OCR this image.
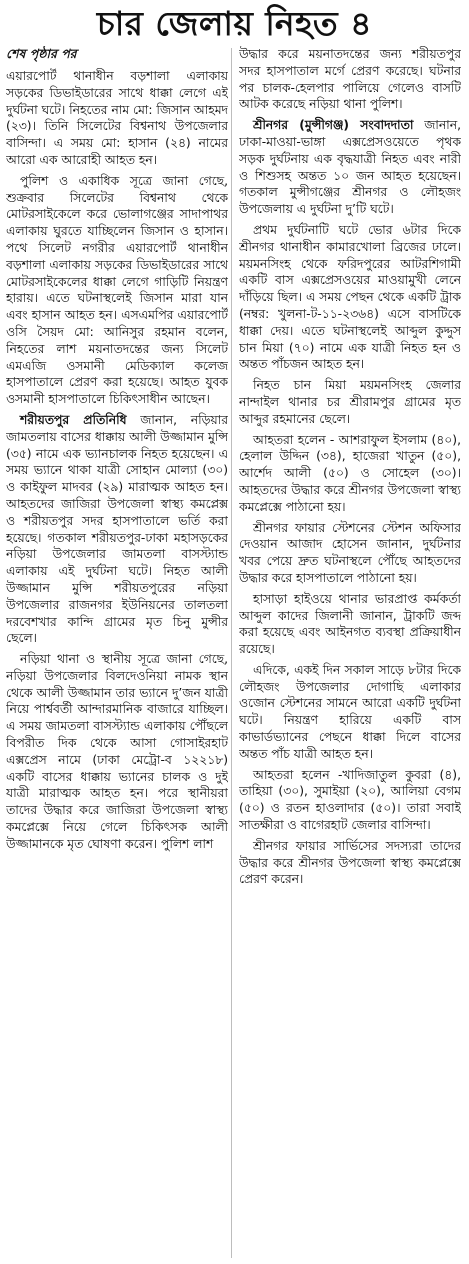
চার জেলায় নিহত ৪
শেষ পৃষ্ঠার পর

এয়ারপোর্ট থানাধীন বড়শালা এলাকায় সড়কের ডিভাইডারের সাথে ধাক্কা লেগে এই দুর্ঘটনা ঘটে। নিহতের নাম মো: জিসান আহমদ (২৩)। তিনি সিলেটের বিশ্বনাথ উপজেলার বাসিন্দা। এ সময় মো: হাসান (২৪) নামের আরো এক আরোহী আহত হন।

পুলিশ ও একাধিক সূত্রে জানা গেছে, শুক্রবার সিলেটের বিশ্বনাথ থেকে মোটরসাইকেলে করে ভোলাগঞ্জের সাদাপাথর এলাকায় ঘুরতে যাচ্ছিলেন জিসান ও হাসান। পথে সিলেট নগরীর এয়ারপোর্ট থানাধীন বড়শালা এলাকায় সড়কের ডিভাইডারের সাথে মোটরসাইকেলের ধাক্কা লেগে গাড়িটি নিয়ন্ত্রণ হারায়। এতে ঘটনাস্থলেই জিসান মারা যান এবং হাসান আহত হন। এসএমপির এয়ারপোর্ট ওসি সৈয়দ মো: আনিসুর রহমান বলেন, নিহতের লাশ ময়নাতদন্তের জন্য সিলেট এমএজি ওসমানী মেডিক্যাল কলেজ হাসপাতালে প্রেরণ করা হয়েছে। আহত যুবক ওসমানী হাসপাতালে চিকিৎসাধীন আছেন।

শরীয়তপুর প্রতিনিধি জানান, নড়িয়ার জামতলায় বাসের ধাক্কায় আলী উজ্জামান মুন্সি (৩৫) নামে এক ভ্যানচালক নিহত হয়েছেন। এ সময় ভ্যানে থাকা যাত্রী সোহান মোল্যা (৩০) ও কাইফুল মাদবর (২৯) মারাত্মক আহত হন। আহতদের জাজিরা উপজেলা স্বাস্থ্য কমপ্লেক্স ও শরীয়তপুর সদর হাসপাতালে ভর্তি করা হয়েছে। গতকাল শরীয়তপুর-ঢাকা মহাসড়কের নড়িয়া উপজেলার জামতলা বাসস্ট্যান্ড এলাকায় এই দুর্ঘটনা ঘটে। নিহত আলী উজ্জামান মুন্সি শরীয়তপুরের নড়িয়া উপজেলার রাজনগর ইউনিয়নের তালতলা দরবেশখার কান্দি গ্রামের মৃত চিনু মুন্সীর ছেলে।

নড়িয়া থানা ও স্থানীয় সূত্রে জানা গেছে, নড়িয়া উপজেলার বিলদেওনিয়া নামক স্থান থেকে আলী উজ্জামান তার ভ্যানে দু’জন যাত্রী নিয়ে পার্শ্ববর্তী আন্দারমানিক বাজারে যাচ্ছিল। এ সময় জামতলা বাসস্ট্যান্ড এলাকায় পৌঁছলে বিপরীত দিক থেকে আসা গোসাইরহাট এক্সপ্রেস নামে (ঢাকা মেট্রো-ব ১২২১৮) একটি বাসের ধাক্কায় ভ্যানের চালক ও দুই যাত্রী মারাত্মক আহত হন। পরে স্থানীয়রা তাদের উদ্ধার করে জাজিরা উপজেলা স্বাস্থ্য কমপ্লেক্সে নিয়ে গেলে চিকিৎসক আলী উজ্জামানকে মৃত ঘোষণা করেন। পুলিশ লাশ

উদ্ধার করে ময়নাতদন্তের জন্য শরীয়তপুর সদর হাসপাতাল মর্গে প্রেরণ করেছে। ঘটনার পর চালক-হেলপার পালিয়ে গেলেও বাসটি আটক করেছে নড়িয়া থানা পুলিশ।

শ্রীনগর (মুন্সীগঞ্জ) সংবাদদাতা জানান, ঢাকা-মাওয়া-ভাঙ্গা এক্সপ্রেসওয়েতে পৃথক সড়ক দুর্ঘটনায় এক বৃদ্ধযাত্রী নিহত এবং নারী ও শিশুসহ অন্তত ১০ জন আহত হয়েছেন। গতকাল মুন্সীগঞ্জের শ্রীনগর ও লৌহজং উপজেলায় এ দুর্ঘটনা দু’টি ঘটে।

প্রথম দুর্ঘটনাটি ঘটে ভোর ৬টার দিকে শ্রীনগর থানাধীন কামারখোলা ব্রিজের ঢালে। ময়মনসিংহ থেকে ফরিদপুরের আটরশিগামী একটি বাস এক্সপ্রেসওয়ের মাওয়ামুখী লেনে দাঁড়িয়ে ছিল। এ সময় পেছন থেকে একটি ট্রাক (নম্বর: খুলনা-ট-১১-২৩৬৪) এসে বাসটিকে ধাক্কা দেয়। এতে ঘটনাস্থলেই আব্দুল কুদ্দুস চান মিয়া (৭০) নামে এক যাত্রী নিহত হন ও অন্তত পাঁচজন আহত হন।

নিহত চান মিয়া ময়মনসিংহ জেলার নান্দাইল থানার চর শ্রীরামপুর গ্রামের মৃত আব্দুর রহমানের ছেলে।

আহতরা হলেন - আশরাফুল ইসলাম (৪০), হেলাল উদ্দিন (৩৪), হাজেরা খাতুন (৫০), আর্শেদ আলী (৫০) ও সোহেল (৩০)। আহতদের উদ্ধার করে শ্রীনগর উপজেলা স্বাস্থ্য কমপ্লেক্সে পাঠানো হয়।

শ্রীনগর ফায়ার স্টেশনের স্টেশন অফিসার দেওয়ান আজাদ হোসেন জানান, দুর্ঘটনার খবর পেয়ে দ্রুত ঘটনাস্থলে পৌঁছে আহতদের উদ্ধার করে হাসপাতালে পাঠানো হয়।

হাসাড়া হাইওয়ে থানার ভারপ্রাপ্ত কর্মকর্তা আব্দুল কাদের জিলানী জানান, ট্রাকটি জব্দ করা হয়েছে এবং আইনগত ব্যবস্থা প্রক্রিয়াধীন রয়েছে।

এদিকে, একই দিন সকাল সাড়ে ৮টার দিকে লৌহজং উপজেলার দোগাছি এলাকার ওজোন স্টেশনের সামনে আরো একটি দুর্ঘটনা ঘটে। নিয়ন্ত্রণ হারিয়ে একটি বাস কাভার্ডভ্যানের পেছনে ধাক্কা দিলে বাসের অন্তত পাঁচ যাত্রী আহত হন।

আহতরা হলেন -খাদিজাতুল কুবরা (৪), তাহিয়া (৩০), সুমাইয়া (২০), আলিয়া বেগম (৫০) ও রতন হাওলাদার (৫০)। তারা সবাই সাতক্ষীরা ও বাগেরহাট জেলার বাসিন্দা।

শ্রীনগর ফায়ার সার্ভিসের সদস্যরা তাদের উদ্ধার করে শ্রীনগর উপজেলা স্বাস্থ্য কমপ্লেক্সে প্রেরণ করেন।
